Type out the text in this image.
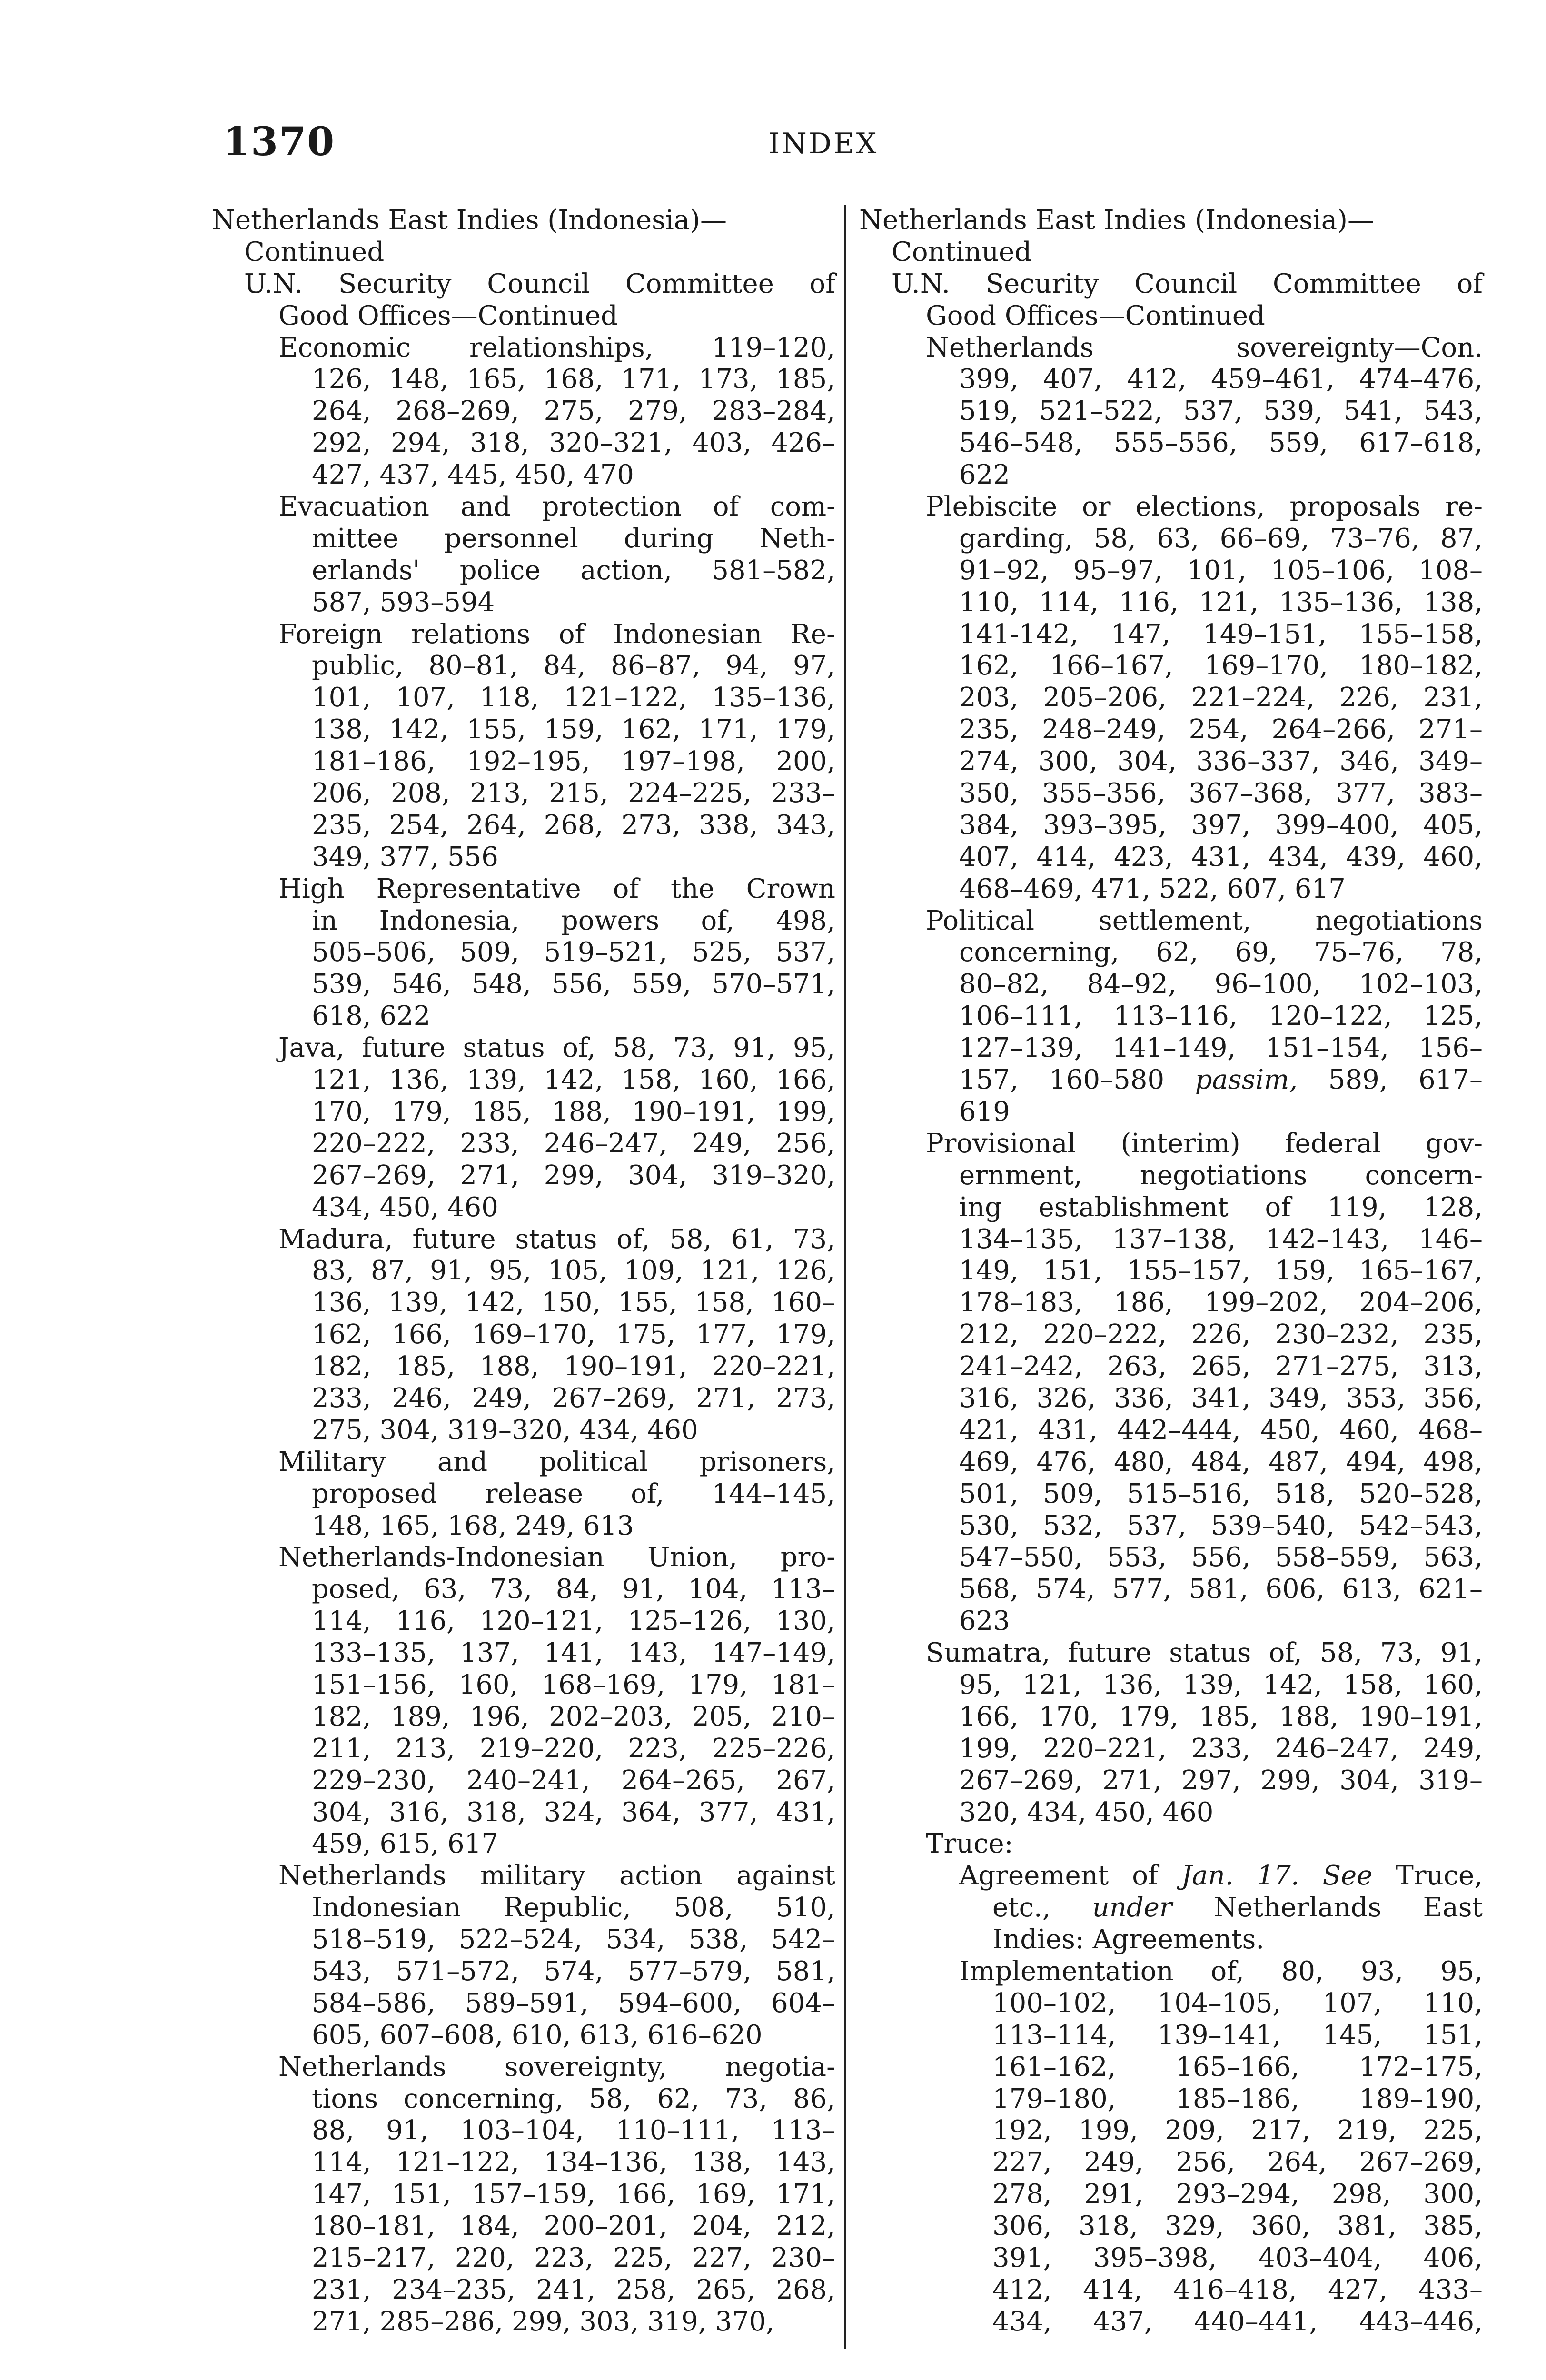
1370	INDEX
Netherlands East Indies (Indonesia)—
Continued
U.N. Security Council Committee of
Good Offices—Continued
Economic relationships, 119–120,
126, 148, 165, 168, 171, 173, 185,
264, 268–269, 275, 279, 283–284,
292, 294, 318, 320–321, 403, 426–
427, 437, 445, 450, 470
Evacuation and protection of com-
mittee personnel during Neth-
erlands' police action, 581–582,
587, 593–594
Foreign relations of Indonesian Re-
public, 80–81, 84, 86–87, 94, 97,
101, 107, 118, 121–122, 135–136,
138, 142, 155, 159, 162, 171, 179,
181–186, 192–195, 197–198, 200,
206, 208, 213, 215, 224–225, 233–
235, 254, 264, 268, 273, 338, 343,
349, 377, 556
High Representative of the Crown
in Indonesia, powers of, 498,
505–506, 509, 519–521, 525, 537,
539, 546, 548, 556, 559, 570–571,
618, 622
Java, future status of, 58, 73, 91, 95,
121, 136, 139, 142, 158, 160, 166,
170, 179, 185, 188, 190–191, 199,
220–222, 233, 246–247, 249, 256,
267–269, 271, 299, 304, 319–320,
434, 450, 460
Madura, future status of, 58, 61, 73,
83, 87, 91, 95, 105, 109, 121, 126,
136, 139, 142, 150, 155, 158, 160–
162, 166, 169–170, 175, 177, 179,
182, 185, 188, 190–191, 220–221,
233, 246, 249, 267–269, 271, 273,
275, 304, 319–320, 434, 460
Military and political prisoners,
proposed release of, 144–145,
148, 165, 168, 249, 613
Netherlands-Indonesian Union, pro-
posed, 63, 73, 84, 91, 104, 113–
114, 116, 120–121, 125–126, 130,
133–135, 137, 141, 143, 147–149,
151–156, 160, 168–169, 179, 181–
182, 189, 196, 202–203, 205, 210–
211, 213, 219–220, 223, 225–226,
229–230, 240–241, 264–265, 267,
304, 316, 318, 324, 364, 377, 431,
459, 615, 617
Netherlands military action against
Indonesian Republic, 508, 510,
518–519, 522–524, 534, 538, 542–
543, 571–572, 574, 577–579, 581,
584–586, 589–591, 594–600, 604–
605, 607–608, 610, 613, 616–620
Netherlands sovereignty, negotia-
tions concerning, 58, 62, 73, 86,
88, 91, 103–104, 110–111, 113–
114, 121–122, 134–136, 138, 143,
147, 151, 157–159, 166, 169, 171,
180–181, 184, 200–201, 204, 212,
215–217, 220, 223, 225, 227, 230–
231, 234–235, 241, 258, 265, 268,
271, 285–286, 299, 303, 319, 370,
Netherlands East Indies (Indonesia)—
Continued
U.N. Security Council Committee of
Good Offices—Continued
Netherlands sovereignty—Con.
399, 407, 412, 459–461, 474–476,
519, 521–522, 537, 539, 541, 543,
546–548, 555–556, 559, 617–618,
622
Plebiscite or elections, proposals re-
garding, 58, 63, 66–69, 73–76, 87,
91–92, 95–97, 101, 105–106, 108–
110, 114, 116, 121, 135–136, 138,
141-142, 147, 149–151, 155–158,
162, 166–167, 169–170, 180–182,
203, 205–206, 221–224, 226, 231,
235, 248–249, 254, 264–266, 271–
274, 300, 304, 336–337, 346, 349–
350, 355–356, 367–368, 377, 383–
384, 393–395, 397, 399–400, 405,
407, 414, 423, 431, 434, 439, 460,
468–469, 471, 522, 607, 617
Political settlement, negotiations
concerning, 62, 69, 75–76, 78,
80–82, 84–92, 96–100, 102–103,
106–111, 113–116, 120–122, 125,
127–139, 141–149, 151–154, 156–
157, 160–580 passim, 589, 617–
619
Provisional (interim) federal gov-
ernment, negotiations concern-
ing establishment of 119, 128,
134–135, 137–138, 142–143, 146–
149, 151, 155–157, 159, 165–167,
178–183, 186, 199–202, 204–206,
212, 220–222, 226, 230–232, 235,
241–242, 263, 265, 271–275, 313,
316, 326, 336, 341, 349, 353, 356,
421, 431, 442–444, 450, 460, 468–
469, 476, 480, 484, 487, 494, 498,
501, 509, 515–516, 518, 520–528,
530, 532, 537, 539–540, 542–543,
547–550, 553, 556, 558–559, 563,
568, 574, 577, 581, 606, 613, 621–
623
Sumatra, future status of, 58, 73, 91,
95, 121, 136, 139, 142, 158, 160,
166, 170, 179, 185, 188, 190–191,
199, 220–221, 233, 246–247, 249,
267–269, 271, 297, 299, 304, 319–
320, 434, 450, 460
Truce:
Agreement of Jan. 17. See Truce,
etc., under Netherlands East
Indies: Agreements.
Implementation of, 80, 93, 95,
100–102, 104–105, 107, 110,
113–114, 139–141, 145, 151,
161–162, 165–166, 172–175,
179–180, 185–186, 189–190,
192, 199, 209, 217, 219, 225,
227, 249, 256, 264, 267–269,
278, 291, 293–294, 298, 300,
306, 318, 329, 360, 381, 385,
391, 395–398, 403–404, 406,
412, 414, 416–418, 427, 433–
434, 437, 440–441, 443–446,
